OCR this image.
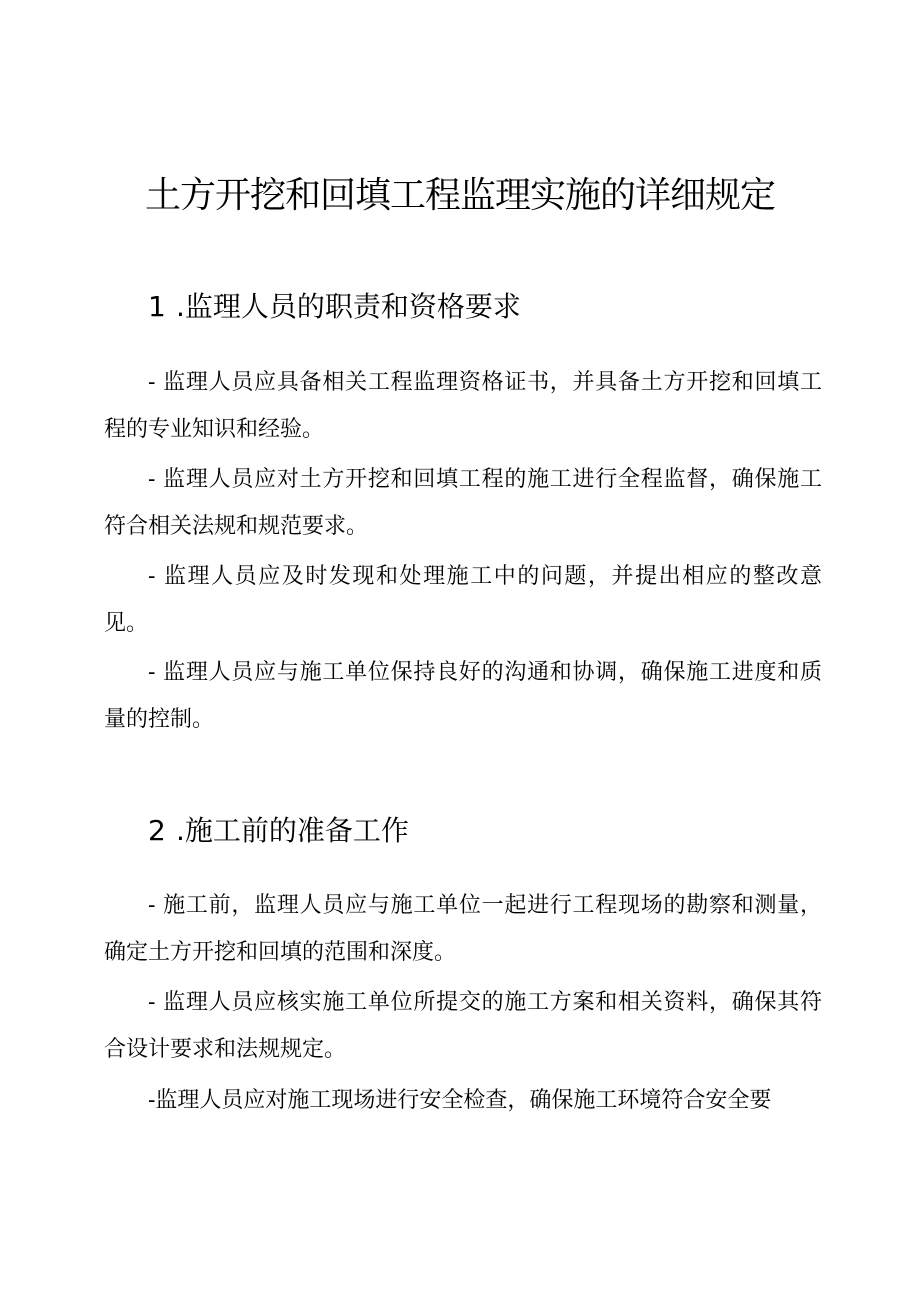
土方开挖和回填工程监理实施的详细规定
1 .监理人员的职责和资格要求

- 监理人员应具备相关工程监理资格证书，并具备土方开挖和回填工程的专业知识和经验。

- 监理人员应对土方开挖和回填工程的施工进行全程监督，确保施工符合相关法规和规范要求。

- 监理人员应及时发现和处理施工中的问题，并提出相应的整改意见。

- 监理人员应与施工单位保持良好的沟通和协调，确保施工进度和质量的控制。

2 .施工前的准备工作

- 施工前，监理人员应与施工单位一起进行工程现场的勘察和测量，确定土方开挖和回填的范围和深度。

- 监理人员应核实施工单位所提交的施工方案和相关资料，确保其符合设计要求和法规规定。

-监理人员应对施工现场进行安全检查，确保施工环境符合安全要
